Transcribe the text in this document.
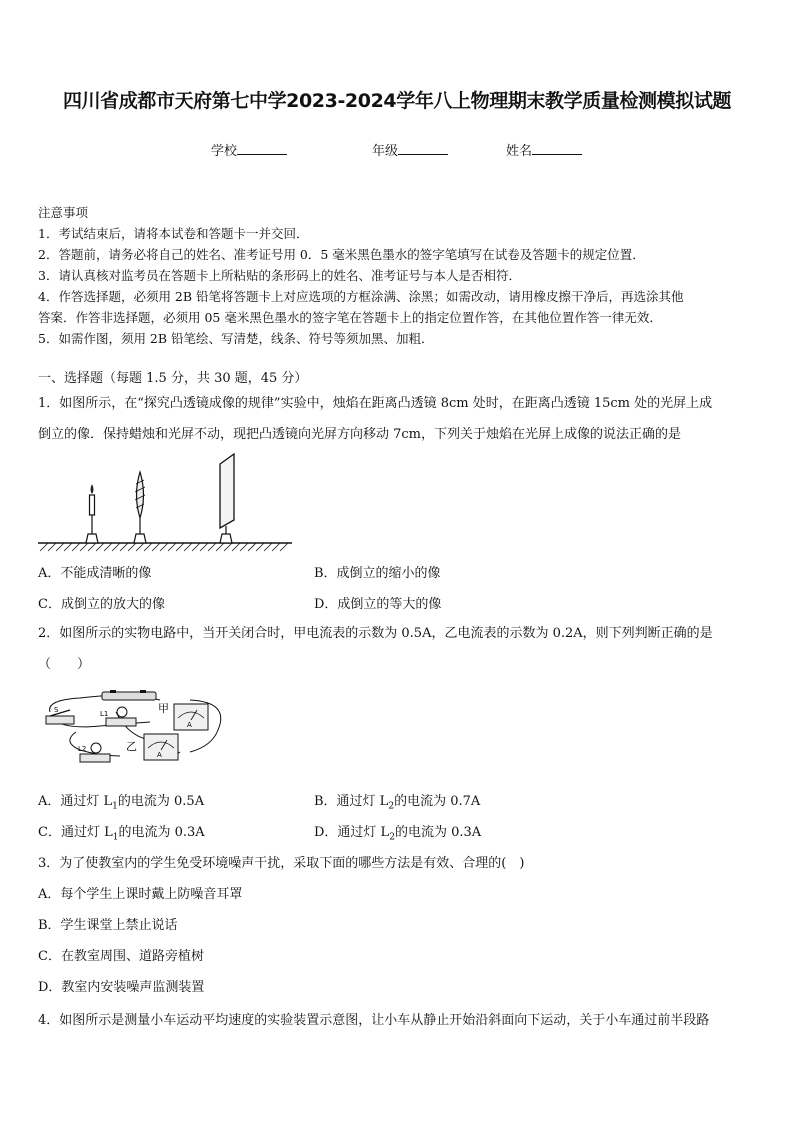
四川省成都市天府第七中学2023-2024学年八上物理期末教学质量检测模拟试题
学校	年级	姓名
注意事项
1．考试结束后，请将本试卷和答题卡一并交回．
2．答题前，请务必将自己的姓名、准考证号用 0．5 毫米黑色墨水的签字笔填写在试卷及答题卡的规定位置．
3．请认真核对监考员在答题卡上所粘贴的条形码上的姓名、准考证号与本人是否相符．
4．作答选择题，必须用 2B 铅笔将答题卡上对应选项的方框涂满、涂黑；如需改动，请用橡皮擦干净后，再选涂其他
答案．作答非选择题，必须用 05 毫米黑色墨水的签字笔在答题卡上的指定位置作答，在其他位置作答一律无效．
5．如需作图，须用 2B 铅笔绘、写清楚，线条、符号等须加黑、加粗．
一、选择题（每题 1.5 分，共 30 题，45 分）
1．如图所示，在“探究凸透镜成像的规律”实验中，烛焰在距离凸透镜 8cm 处时，在距离凸透镜 15cm 处的光屏上成
倒立的像．保持蜡烛和光屏不动，现把凸透镜向光屏方向移动 7cm，下列关于烛焰在光屏上成像的说法正确的是
A．不能成清晰的像	B．成倒立的缩小的像
C．成倒立的放大的像	D．成倒立的等大的像
2．如图所示的实物电路中，当开关闭合时，甲电流表的示数为 0.5A，乙电流表的示数为 0.2A，则下列判断正确的是
（　　）
S	L1
A
甲
L2
A
乙
A．通过灯 $L_1$的电流为 0.5A	B．通过灯 $L_2$的电流为 0.7A
C．通过灯 $L_1$的电流为 0.3A	D．通过灯 $L_2$的电流为 0.3A
3．为了使教室内的学生免受环境噪声干扰，采取下面的哪些方法是有效、合理的(　)
A．每个学生上课时戴上防噪音耳罩
B．学生课堂上禁止说话
C．在教室周围、道路旁植树
D．教室内安装噪声监测装置
4．如图所示是测量小车运动平均速度的实验装置示意图，让小车从静止开始沿斜面向下运动，关于小车通过前半段路
